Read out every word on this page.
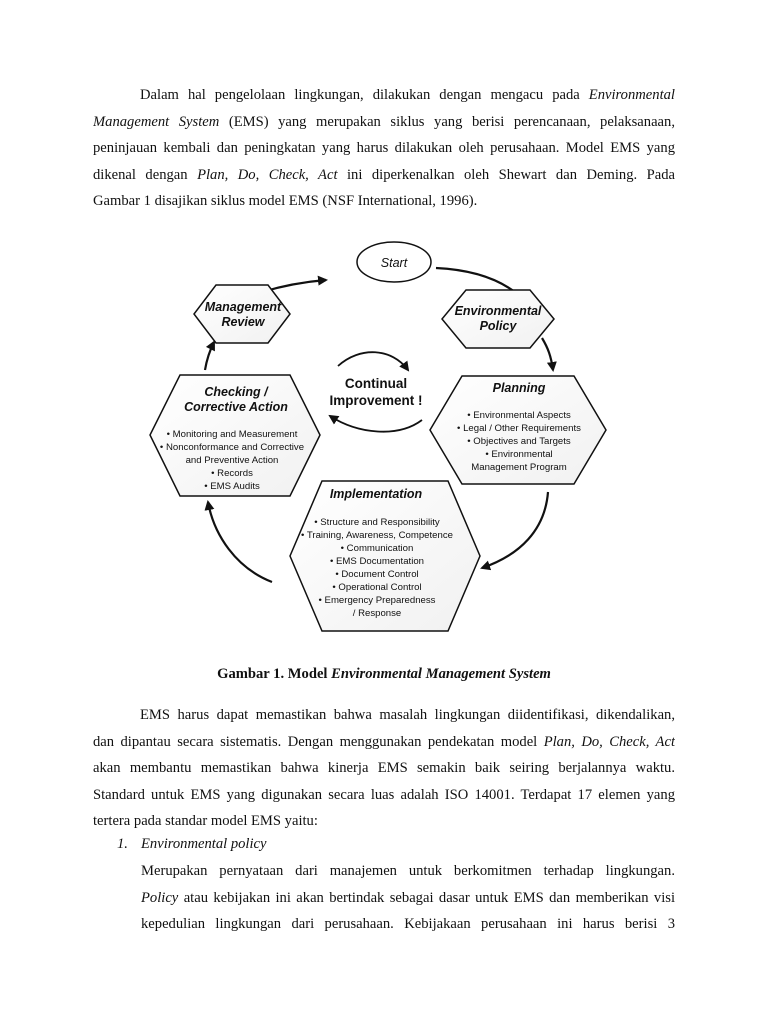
Dalam hal pengelolaan lingkungan, dilakukan dengan mengacu pada Environmental
Management System (EMS) yang merupakan siklus yang berisi perencanaan, pelaksanaan,
peninjauan kembali dan peningkatan yang harus dilakukan oleh perusahaan. Model EMS yang
dikenal dengan Plan, Do, Check, Act ini diperkenalkan oleh Shewart dan Deming. Pada
Gambar 1 disajikan siklus model EMS (NSF International, 1996).
Start
Management
Review
Environmental
Policy
Continual
Improvement !
Planning
• Environmental Aspects
• Legal / Other Requirements
• Objectives and Targets
• Environmental
Management Program
Checking /
Corrective Action
• Monitoring and Measurement
• Nonconformance and Corrective
and Preventive Action
• Records
• EMS Audits
Implementation
• Structure and Responsibility
• Training, Awareness, Competence
• Communication
• EMS Documentation
• Document Control
• Operational Control
• Emergency Preparedness
/ Response
Gambar 1. Model Environmental Management System
EMS harus dapat memastikan bahwa masalah lingkungan diidentifikasi, dikendalikan,
dan dipantau secara sistematis. Dengan menggunakan pendekatan model Plan, Do, Check, Act
akan membantu memastikan bahwa kinerja EMS semakin baik seiring berjalannya waktu.
Standard untuk EMS yang digunakan secara luas adalah ISO 14001. Terdapat 17 elemen yang
tertera pada standar model EMS yaitu:
1. Environmental policy
Merupakan pernyataan dari manajemen untuk berkomitmen terhadap lingkungan.
Policy atau kebijakan ini akan bertindak sebagai dasar untuk EMS dan memberikan visi
kepedulian lingkungan dari perusahaan. Kebijakaan perusahaan ini harus berisi 3
